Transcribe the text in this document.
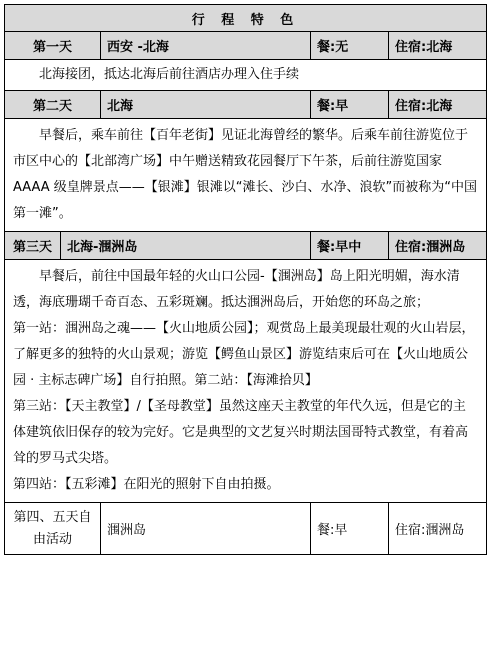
行 程 特 色				
第一天		西安 -北海	餐:无	住宿:北海

北海接团，抵达北海后前往酒店办理入住手续				

第二天		北海	餐:早	住宿:北海

早餐后，乘车前往【百年老街】见证北海曾经的繁华。后乘车前往游览位于市区中心的【北部湾广场】中午赠送精致花园餐厅下午茶，后前往游览国家 AAAA 级皇牌景点——【银滩】银滩以“滩长、沙白、水净、浪软”而被称为“中国第一滩”。				

第三天	北海-涠洲岛		餐:早中	住宿:涠洲岛

早餐后，前往中国最年轻的火山口公园-【涠洲岛】岛上阳光明媚，海水清透，海底珊瑚千奇百态、五彩斑斓。抵达涠洲岛后，开始您的环岛之旅；

第一站：涠洲岛之魂——【火山地质公园】；观赏岛上最美现最壮观的火山岩层，了解更多的独特的火山景观；游览【鳄鱼山景区】游览结束后可在【火山地质公园 · 主标志碑广场】自行拍照。第二站：【海滩拾贝】

第三站：【天主教堂】/【圣母教堂】虽然这座天主教堂的年代久远，但是它的主体建筑依旧保存的较为完好。它是典型的文艺复兴时期法国哥特式教堂，有着高耸的罗马式尖塔。

第四站：【五彩滩】在阳光的照射下自由拍摄。				

第四、五天自由活动		涠洲岛	餐:早	住宿:涠洲岛
